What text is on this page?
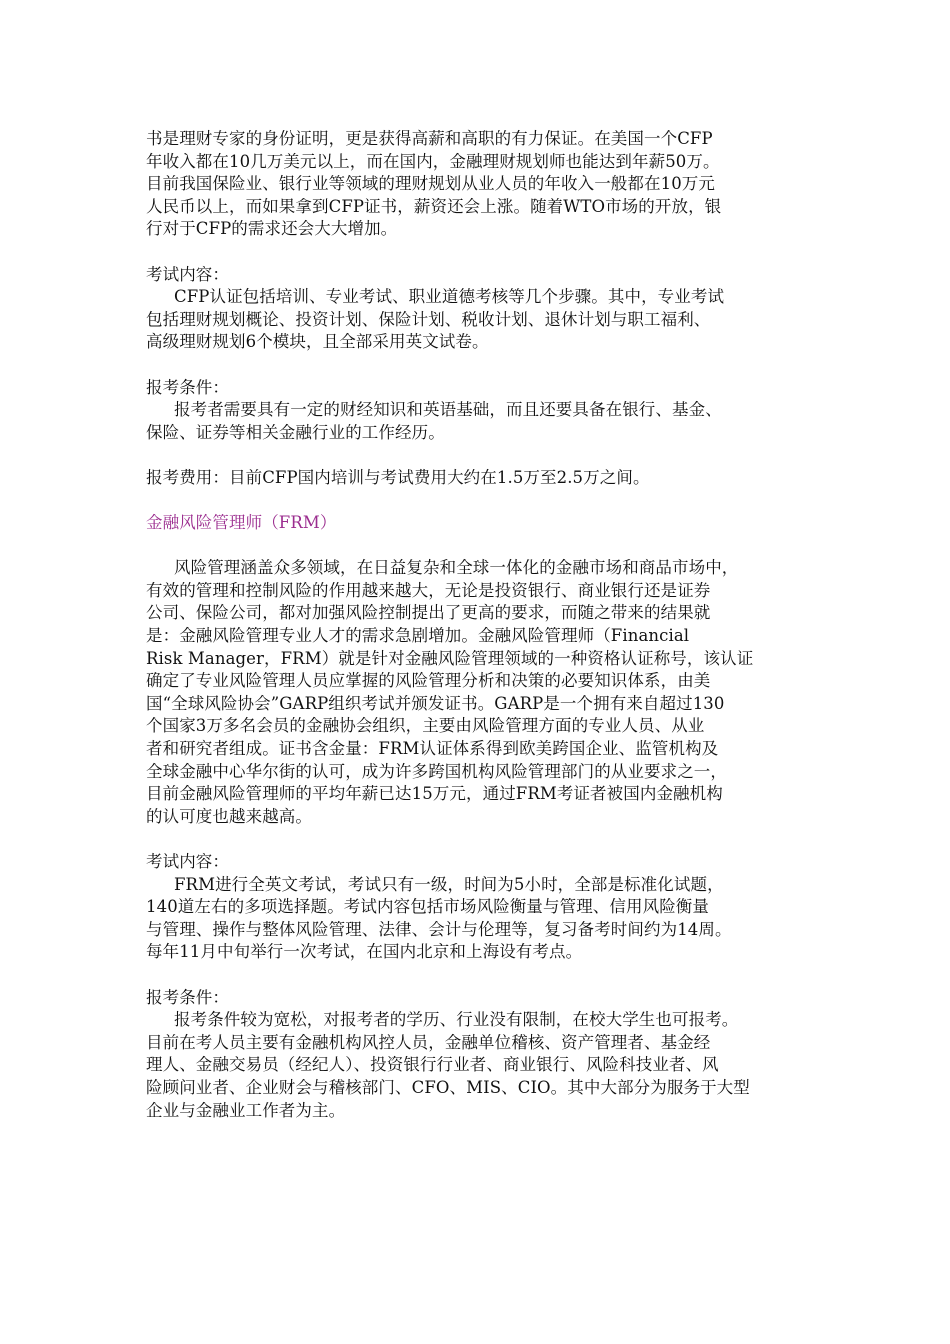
书是理财专家的身份证明，更是获得高薪和高职的有力保证。在美国一个CFP
年收入都在10几万美元以上，而在国内，金融理财规划师也能达到年薪50万。
目前我国保险业、银行业等领域的理财规划从业人员的年收入一般都在10万元
人民币以上，而如果拿到CFP证书，薪资还会上涨。随着WTO市场的开放，银
行对于CFP的需求还会大大增加。
考试内容：
CFP认证包括培训、专业考试、职业道德考核等几个步骤。其中，专业考试
包括理财规划概论、投资计划、保险计划、税收计划、退休计划与职工福利、
高级理财规划6个模块，且全部采用英文试卷。
报考条件：
报考者需要具有一定的财经知识和英语基础，而且还要具备在银行、基金、
保险、证券等相关金融行业的工作经历。
报考费用：目前CFP国内培训与考试费用大约在1.5万至2.5万之间。
金融风险管理师（FRM）
风险管理涵盖众多领域，在日益复杂和全球一体化的金融市场和商品市场中，
有效的管理和控制风险的作用越来越大，无论是投资银行、商业银行还是证券
公司、保险公司，都对加强风险控制提出了更高的要求，而随之带来的结果就
是：金融风险管理专业人才的需求急剧增加。金融风险管理师（Financial
Risk Manager，FRM）就是针对金融风险管理领域的一种资格认证称号，该认证
确定了专业风险管理人员应掌握的风险管理分析和决策的必要知识体系，由美
国“全球风险协会”GARP组织考试并颁发证书。GARP是一个拥有来自超过130
个国家3万多名会员的金融协会组织，主要由风险管理方面的专业人员、从业
者和研究者组成。证书含金量：FRM认证体系得到欧美跨国企业、监管机构及
全球金融中心华尔街的认可，成为许多跨国机构风险管理部门的从业要求之一，
目前金融风险管理师的平均年薪已达15万元，通过FRM考证者被国内金融机构
的认可度也越来越高。
考试内容：
FRM进行全英文考试，考试只有一级，时间为5小时，全部是标准化试题，
140道左右的多项选择题。考试内容包括市场风险衡量与管理、信用风险衡量
与管理、操作与整体风险管理、法律、会计与伦理等，复习备考时间约为14周。
每年11月中旬举行一次考试，在国内北京和上海设有考点。
报考条件：
报考条件较为宽松，对报考者的学历、行业没有限制，在校大学生也可报考。
目前在考人员主要有金融机构风控人员，金融单位稽核、资产管理者、基金经
理人、金融交易员（经纪人）、投资银行行业者、商业银行、风险科技业者、风
险顾问业者、企业财会与稽核部门、CFO、MIS、CIO。其中大部分为服务于大型
企业与金融业工作者为主。
